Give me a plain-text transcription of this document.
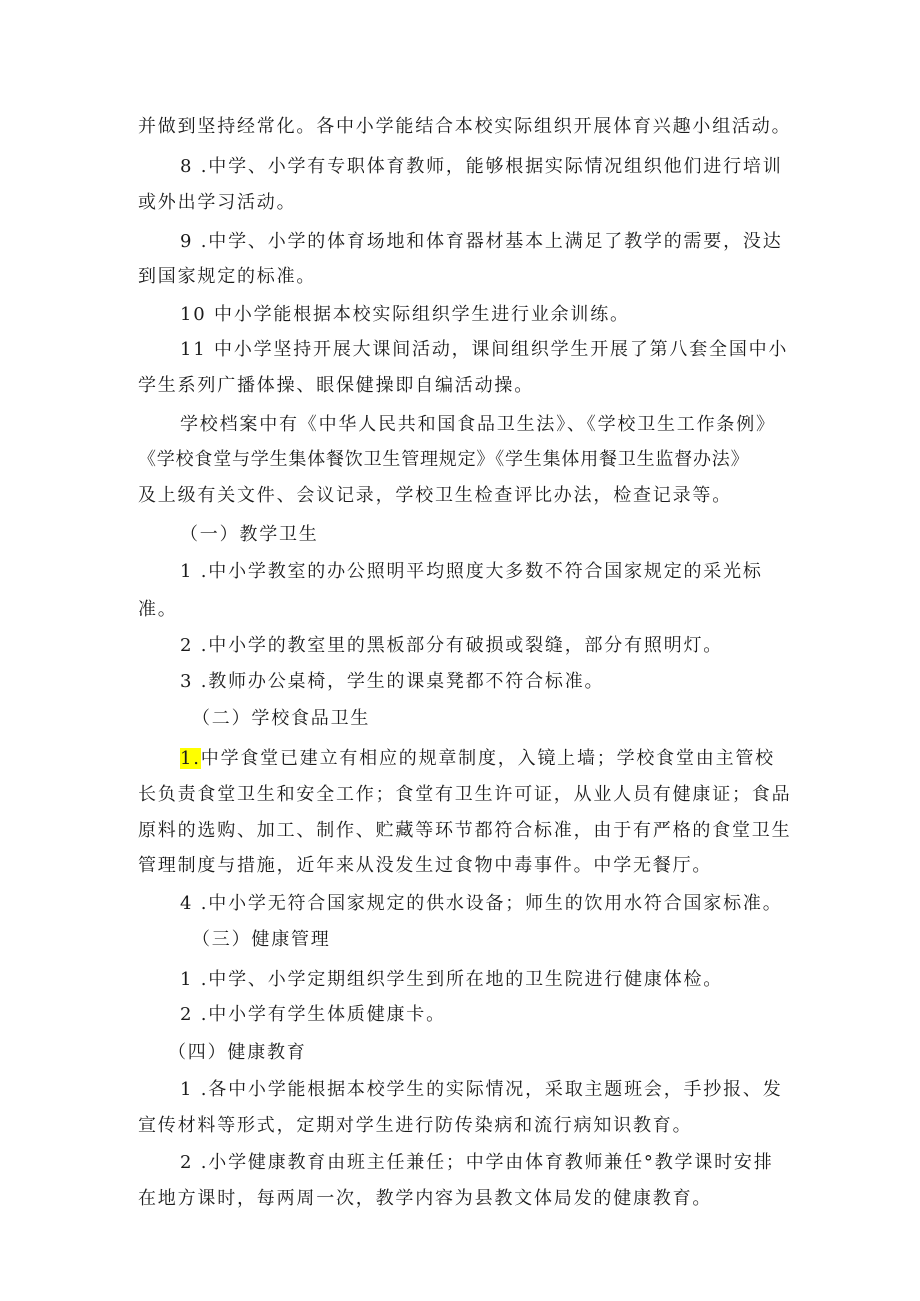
并做到坚持经常化。各中小学能结合本校实际组织开展体育兴趣小组活动。
8 .中学、小学有专职体育教师，能够根据实际情况组织他们进行培训
或外出学习活动。
9 .中学、小学的体育场地和体育器材基本上满足了教学的需要，没达
到国家规定的标准。
10 中小学能根据本校实际组织学生进行业余训练。
11 中小学坚持开展大课间活动，课间组织学生开展了第八套全国中小
学生系列广播体操、眼保健操即自编活动操。
学校档案中有《中华人民共和国食品卫生法》、《学校卫生工作条例》
《学校食堂与学生集体餐饮卫生管理规定》《学生集体用餐卫生监督办法》
及上级有关文件、会议记录，学校卫生检查评比办法，检查记录等。
（一）教学卫生
1 .中小学教室的办公照明平均照度大多数不符合国家规定的采光标
准。
2 .中小学的教室里的黑板部分有破损或裂缝，部分有照明灯。
3 .教师办公桌椅，学生的课桌凳都不符合标准。
（二）学校食品卫生
1.中学食堂已建立有相应的规章制度，入镜上墙；学校食堂由主管校
长负责食堂卫生和安全工作；食堂有卫生许可证，从业人员有健康证；食品
原料的选购、加工、制作、贮藏等环节都符合标准，由于有严格的食堂卫生
管理制度与措施，近年来从没发生过食物中毒事件。中学无餐厅。
4 .中小学无符合国家规定的供水设备；师生的饮用水符合国家标准。
（三）健康管理
1 .中学、小学定期组织学生到所在地的卫生院进行健康体检。
2 .中小学有学生体质健康卡。
（四）健康教育
1 .各中小学能根据本校学生的实际情况，采取主题班会，手抄报、发
宣传材料等形式，定期对学生进行防传染病和流行病知识教育。
2 .小学健康教育由班主任兼任；中学由体育教师兼任°教学课时安排
在地方课时，每两周一次，教学内容为县教文体局发的健康教育。
